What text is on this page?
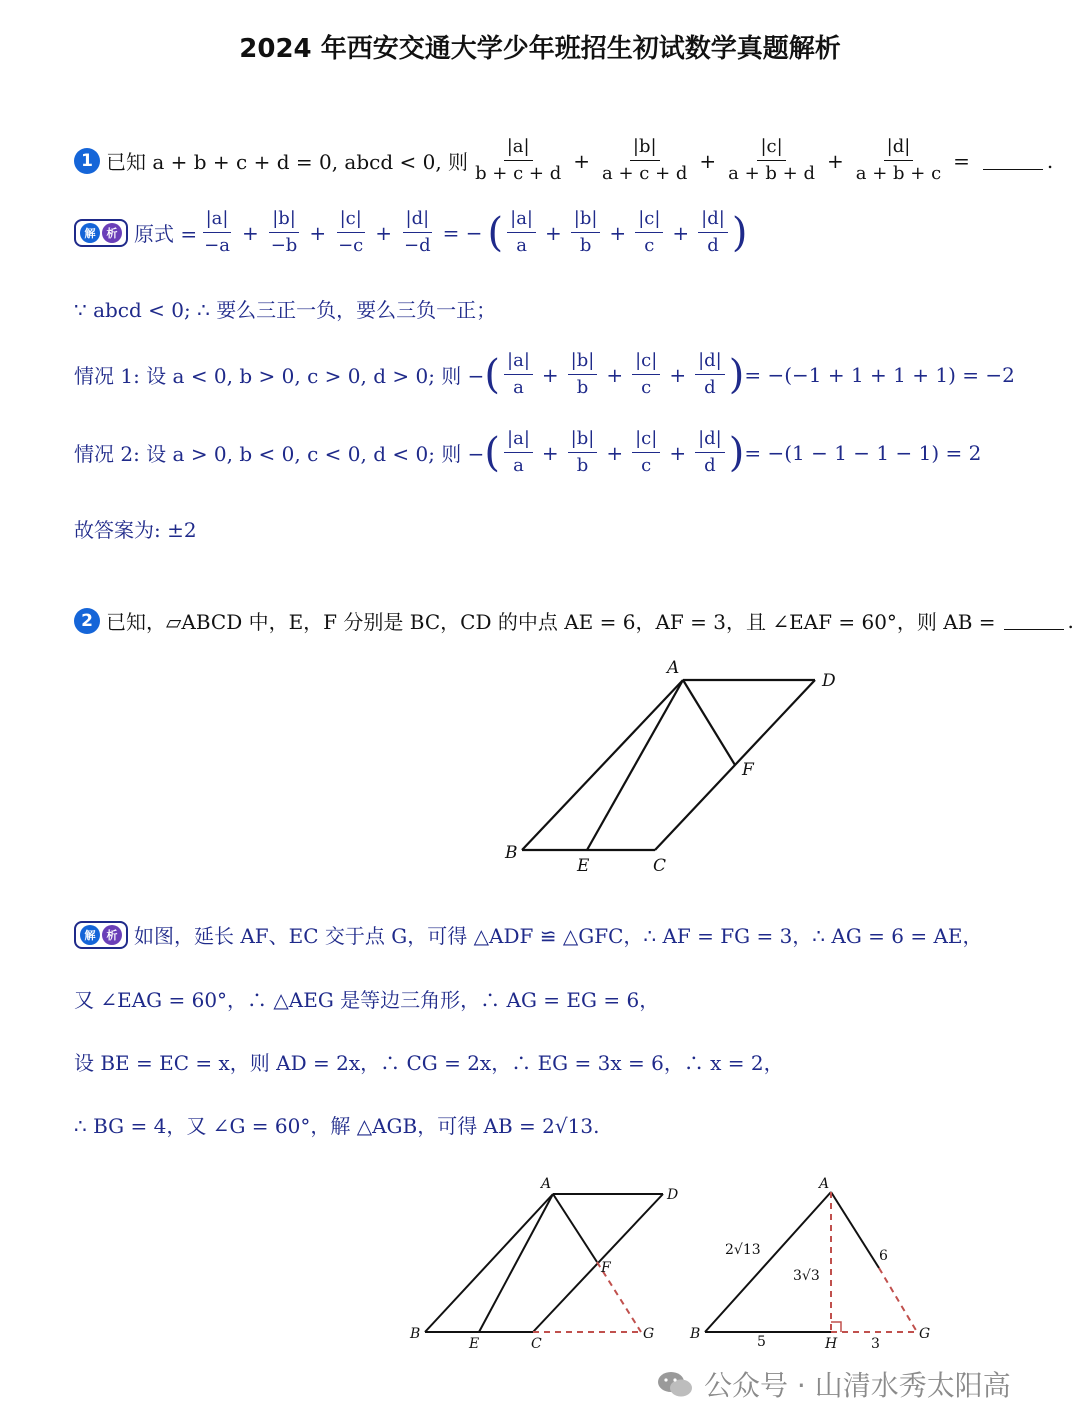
2024 年西安交通大学少年班招生初试数学真题解析
1 已知 a + b + c + d = 0, abcd < 0, 则 $\frac{|a|}{b + c + d} + \frac{|b|}{a + c + d} + \frac{|c|}{a + b + d} + \frac{|d|}{a + b + c}$ =	.
解	析 原式 = $\frac{|a|}{-a} + \frac{|b|}{-b} + \frac{|c|}{-c} + \frac{|d|}{-d}$ = − ( $\frac{|a|}{a} + \frac{|b|}{b} + \frac{|c|}{c} + \frac{|d|}{d}$ )
∵ abcd < 0; ∴ 要么三正一负，要么三负一正；
情况 1: 设 a < 0, b > 0, c > 0, d > 0; 则 − ( $\frac{|a|}{a} + \frac{|b|}{b} + \frac{|c|}{c} + \frac{|d|}{d}$ ) = −(−1 + 1 + 1 + 1) = −2
情况 2: 设 a > 0, b < 0, c < 0, d < 0; 则 − ( $\frac{|a|}{a} + \frac{|b|}{b} + \frac{|c|}{c} + \frac{|d|}{d}$ ) = −(1 − 1 − 1 − 1) = 2
故答案为: ±2
2 已知，▱ABCD 中，E，F 分别是 BC，CD 的中点 AE = 6，AF = 3，且 ∠EAF = 60°，则 AB =	.
A
D
F
B
E	C
解	析 如图，延长 AF、EC 交于点 G，可得 △ADF ≌ △GFC，∴ AF = FG = 3，∴ AG = 6 = AE，
又 ∠EAG = 60°，∴ △AEG 是等边三角形，∴ AG = EG = 6，
设 BE = EC = x，则 AD = 2x，∴ CG = 2x，∴ EG = 3x = 6，∴ x = 2，
∴ BG = 4，又 ∠G = 60°，解 △AGB，可得 AB = 2√13.
A
D
F
B
E	C
G
A
B
H
G
2√13
3√3
6
5	3
公众号 · 山清水秀太阳高
